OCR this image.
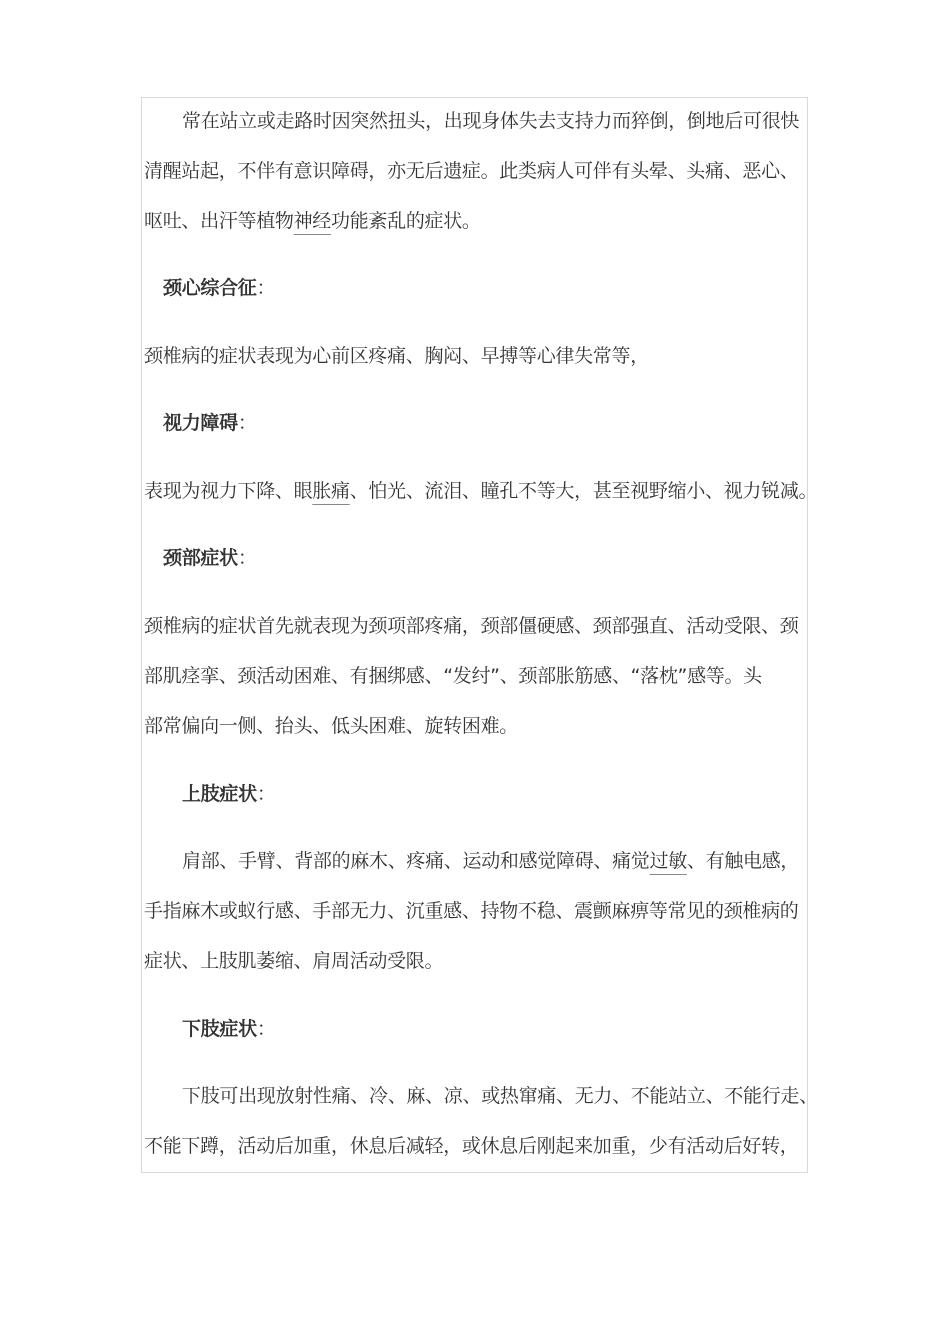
常在站立或走路时因突然扭头，出现身体失去支持力而猝倒，倒地后可很快
清醒站起，不伴有意识障碍，亦无后遗症。此类病人可伴有头晕、头痛、恶心、
呕吐、出汗等植物神经功能紊乱的症状。
颈心综合征：
颈椎病的症状表现为心前区疼痛、胸闷、早搏等心律失常等，
视力障碍：
表现为视力下降、眼胀痛、怕光、流泪、瞳孔不等大，甚至视野缩小、视力锐减。
颈部症状：
颈椎病的症状首先就表现为颈项部疼痛，颈部僵硬感、颈部强直、活动受限、颈
部肌痉挛、颈活动困难、有捆绑感、“发纣”、颈部胀筋感、“落枕”感等。头
部常偏向一侧、抬头、低头困难、旋转困难。
上肢症状：
肩部、手臂、背部的麻木、疼痛、运动和感觉障碍、痛觉过敏、有触电感，
手指麻木或蚁行感、手部无力、沉重感、持物不稳、震颤麻痹等常见的颈椎病的
症状、上肢肌萎缩、肩周活动受限。
下肢症状：
下肢可出现放射性痛、冷、麻、凉、或热窜痛、无力、不能站立、不能行走、
不能下蹲，活动后加重，休息后减轻，或休息后刚起来加重，少有活动后好转，
